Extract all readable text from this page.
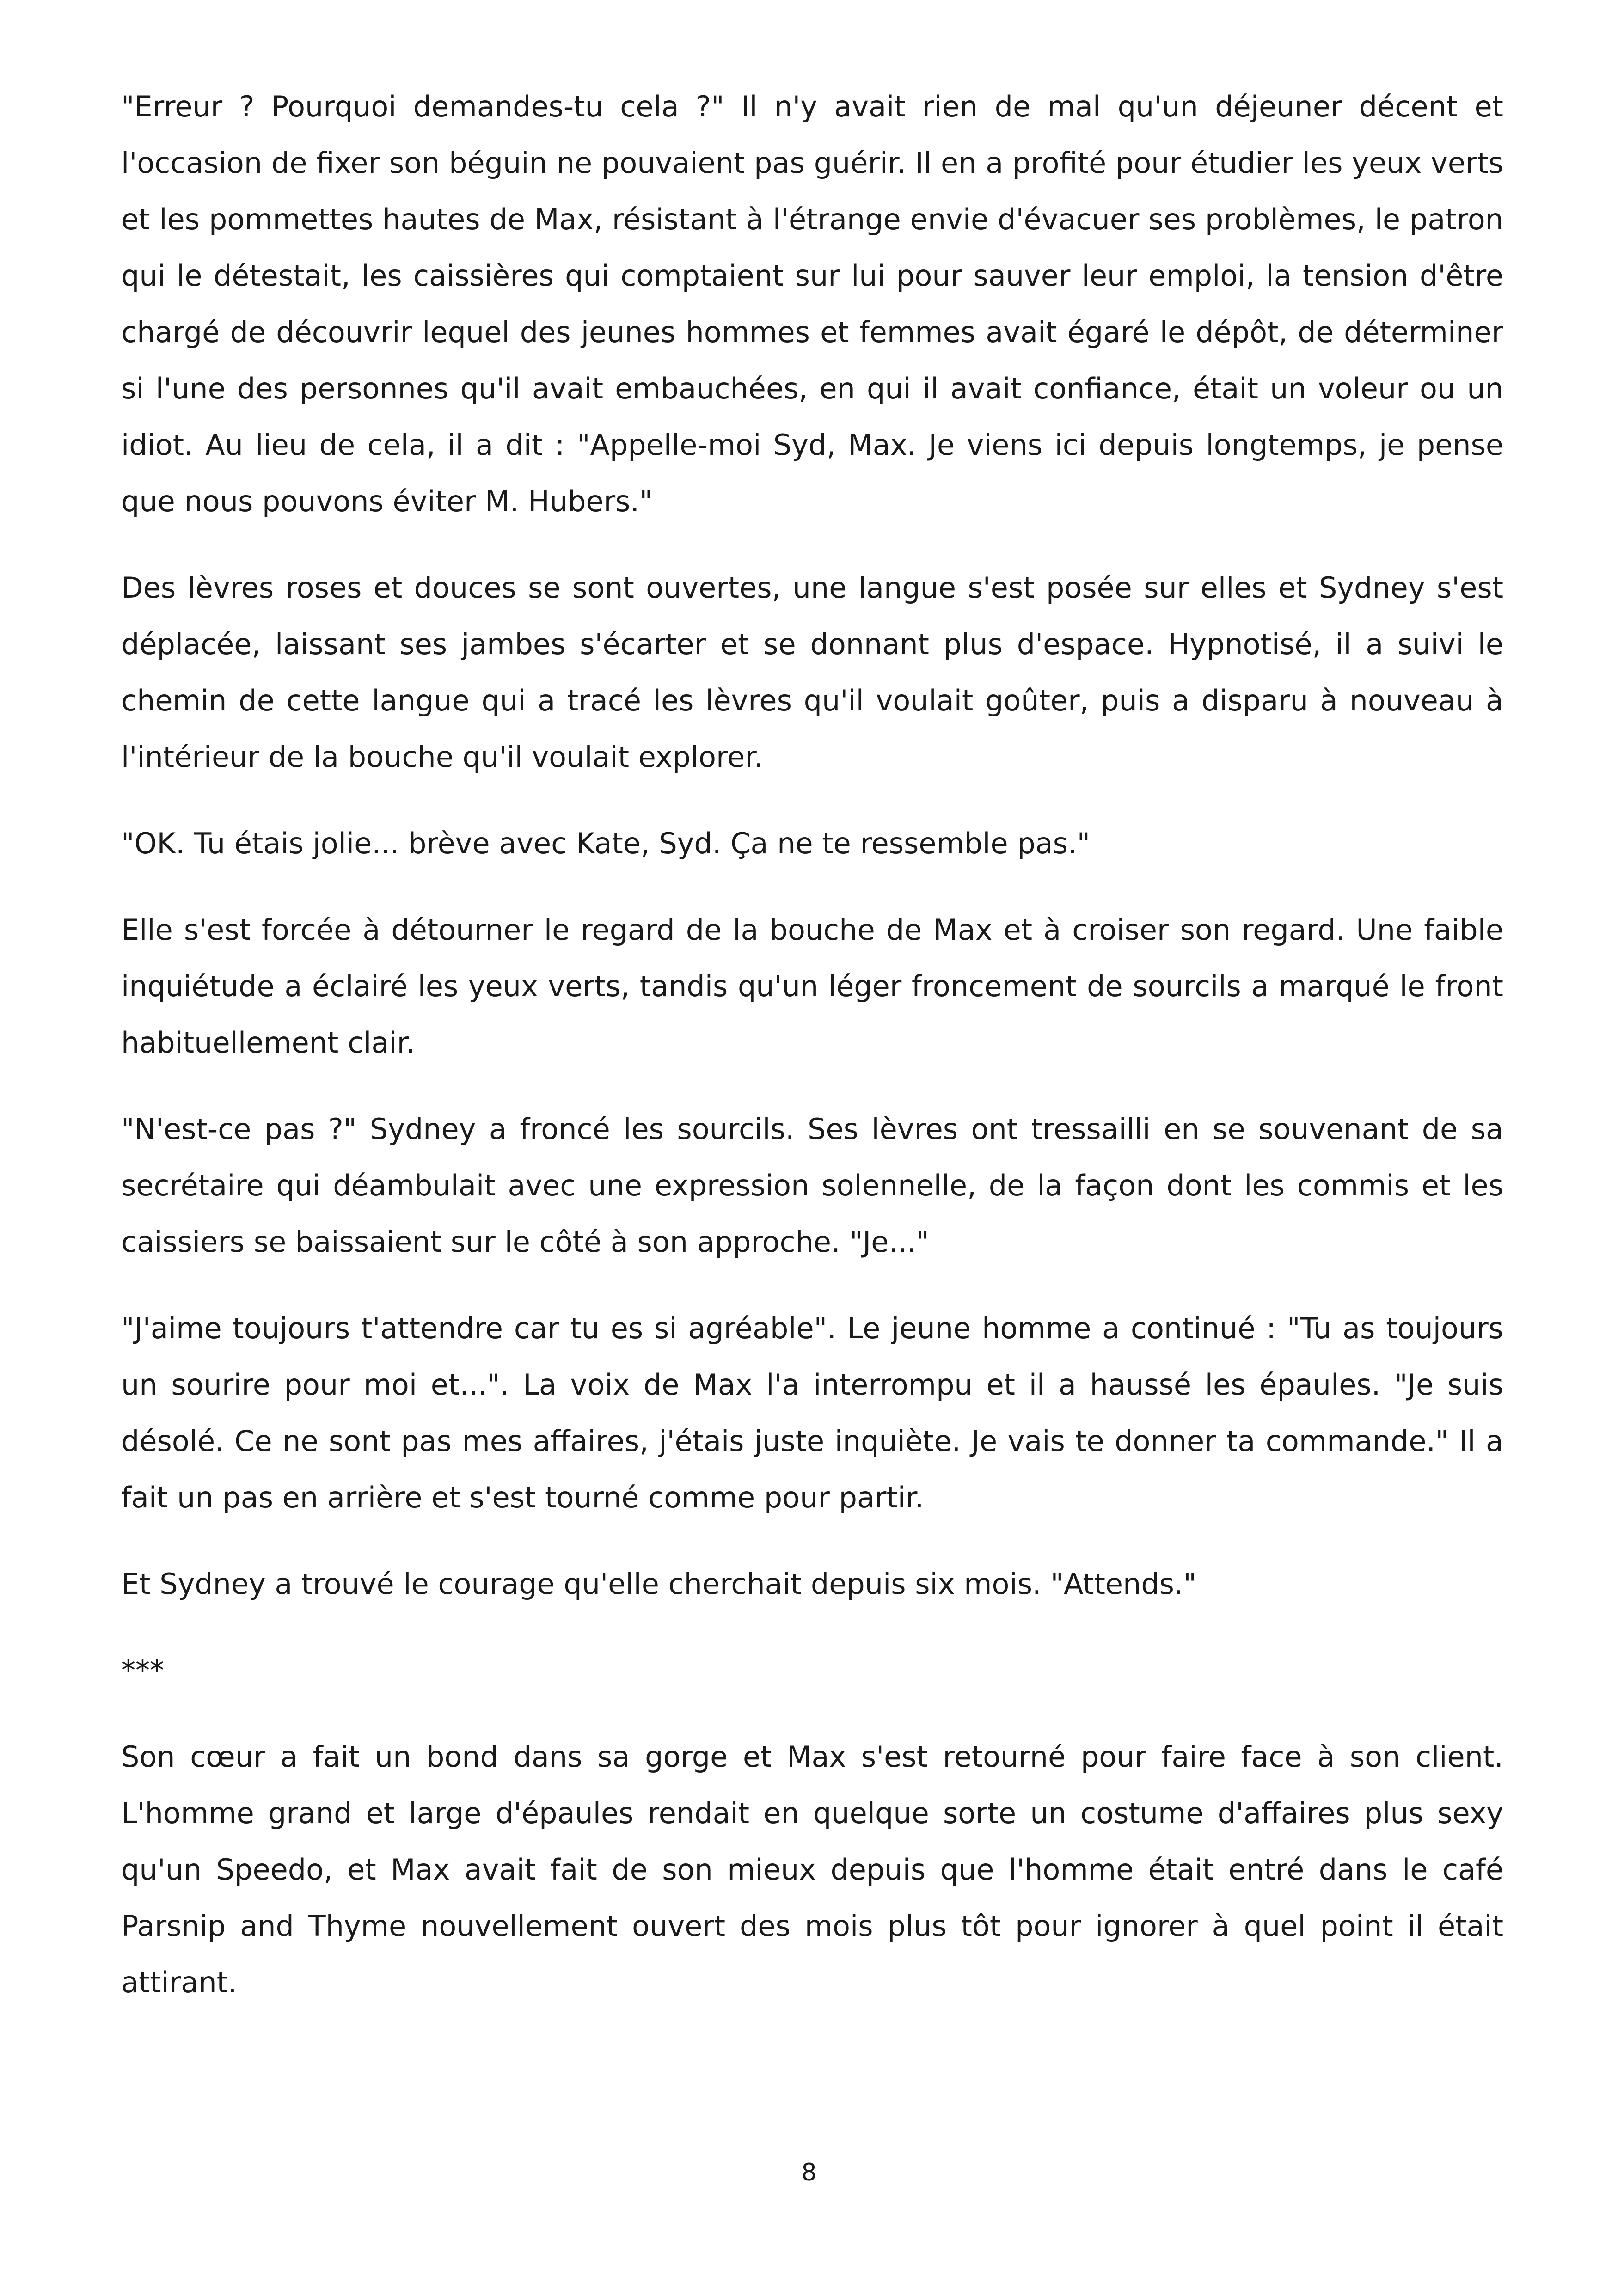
"Erreur ? Pourquoi demandes-tu cela ?" Il n'y avait rien de mal qu'un déjeuner décent et l'occasion de fixer son béguin ne pouvaient pas guérir. Il en a profité pour étudier les yeux verts et les pommettes hautes de Max, résistant à l'étrange envie d'évacuer ses problèmes, le patron qui le détestait, les caissières qui comptaient sur lui pour sauver leur emploi, la tension d'être chargé de découvrir lequel des jeunes hommes et femmes avait égaré le dépôt, de déterminer si l'une des personnes qu'il avait embauchées, en qui il avait confiance, était un voleur ou un idiot. Au lieu de cela, il a dit : "Appelle-moi Syd, Max. Je viens ici depuis longtemps, je pense que nous pouvons éviter M. Hubers."

Des lèvres roses et douces se sont ouvertes, une langue s'est posée sur elles et Sydney s'est déplacée, laissant ses jambes s'écarter et se donnant plus d'espace. Hypnotisé, il a suivi le chemin de cette langue qui a tracé les lèvres qu'il voulait goûter, puis a disparu à nouveau à l'intérieur de la bouche qu'il voulait explorer.

"OK. Tu étais jolie... brève avec Kate, Syd. Ça ne te ressemble pas."

Elle s'est forcée à détourner le regard de la bouche de Max et à croiser son regard. Une faible inquiétude a éclairé les yeux verts, tandis qu'un léger froncement de sourcils a marqué le front habituellement clair.

"N'est-ce pas ?" Sydney a froncé les sourcils. Ses lèvres ont tressailli en se souvenant de sa secrétaire qui déambulait avec une expression solennelle, de la façon dont les commis et les caissiers se baissaient sur le côté à son approche. "Je..."

"J'aime toujours t'attendre car tu es si agréable". Le jeune homme a continué : "Tu as toujours un sourire pour moi et...". La voix de Max l'a interrompu et il a haussé les épaules. "Je suis désolé. Ce ne sont pas mes affaires, j'étais juste inquiète. Je vais te donner ta commande." Il a fait un pas en arrière et s'est tourné comme pour partir.

Et Sydney a trouvé le courage qu'elle cherchait depuis six mois. "Attends."

***

Son cœur a fait un bond dans sa gorge et Max s'est retourné pour faire face à son client. L'homme grand et large d'épaules rendait en quelque sorte un costume d'affaires plus sexy qu'un Speedo, et Max avait fait de son mieux depuis que l'homme était entré dans le café Parsnip and Thyme nouvellement ouvert des mois plus tôt pour ignorer à quel point il était attirant.

8
